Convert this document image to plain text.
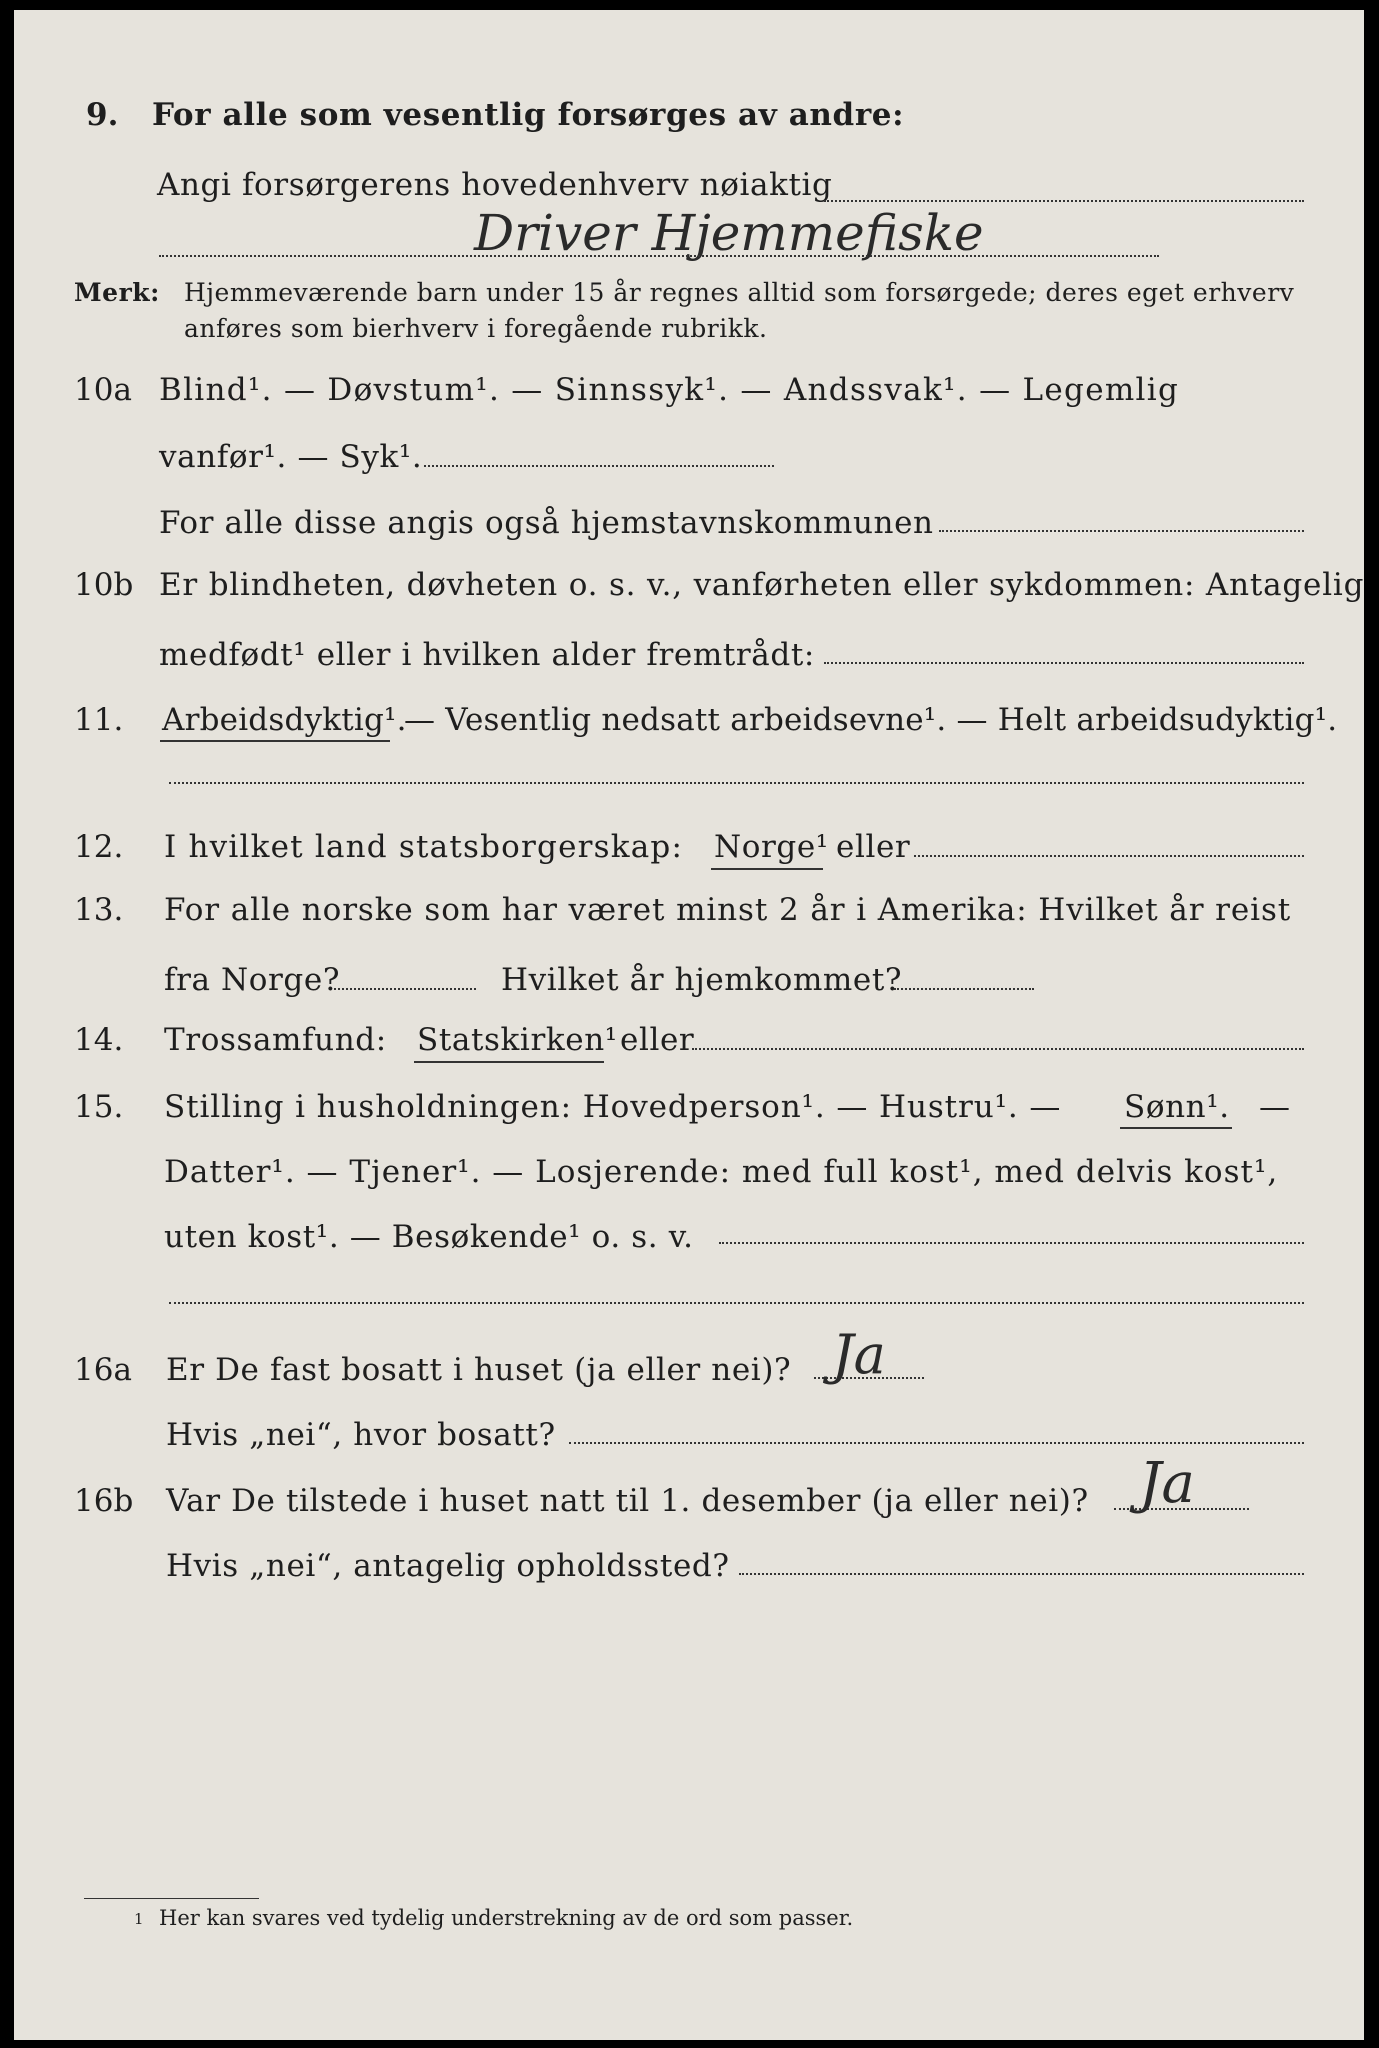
9. For alle som vesentlig forsørges av andre:
Angi forsørgerens hovedenhverv nøiaktig
Driver Hjemmefiske
Merk: Hjemmeværende barn under 15 år regnes alltid som forsørgede; deres eget erhverv
anføres som bierhverv i foregående rubrikk.
10a Blind¹. — Døvstum¹. — Sinnssyk¹. — Andssvak¹. — Legemlig
vanfør¹. — Syk¹.
For alle disse angis også hjemstavnskommunen
10b Er blindheten, døvheten o. s. v., vanførheten eller sykdommen: Antagelig
medfødt¹ eller i hvilken alder fremtrådt:
11. Arbeidsdyktig¹.
— Vesentlig nedsatt arbeidsevne¹. — Helt arbeidsudyktig¹.
12. I hvilket land statsborgerskap: Norge¹ eller
13. For alle norske som har været minst 2 år i Amerika: Hvilket år reist
fra Norge?	Hvilket år hjemkommet?
14. Trossamfund: Statskirken¹ eller
15. Stilling i husholdningen: Hovedperson¹. — Hustru¹. — Sønn¹. —
Datter¹. — Tjener¹. — Losjerende: med full kost¹, med delvis kost¹,
uten kost¹. — Besøkende¹ o. s. v.
16a Er De fast bosatt i huset (ja eller nei)? Ja
Hvis „nei“, hvor bosatt?
16b Var De tilstede i huset natt til 1. desember (ja eller nei)? Ja
Hvis „nei“, antagelig opholdssted?
1 Her kan svares ved tydelig understrekning av de ord som passer.
